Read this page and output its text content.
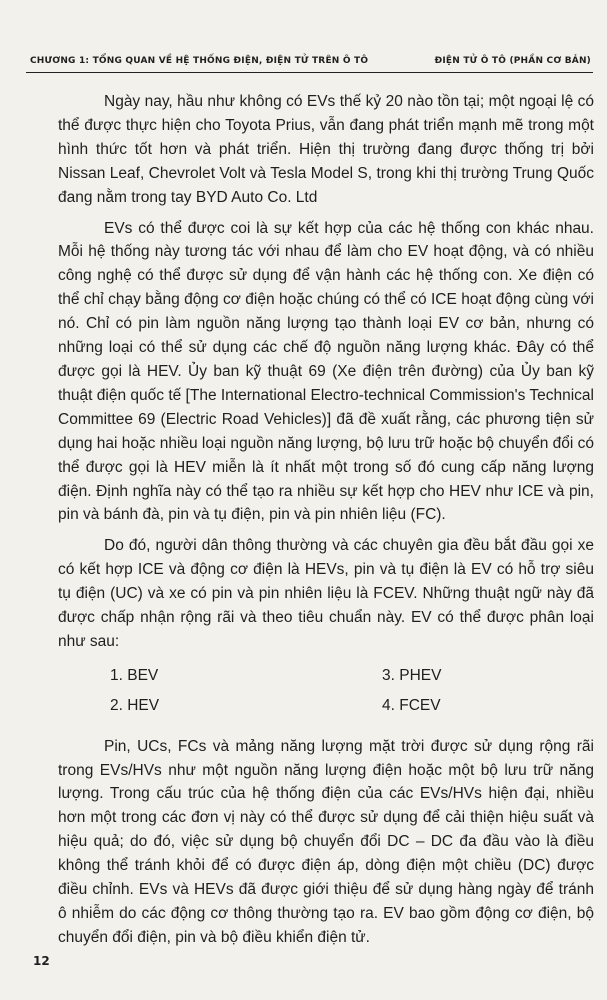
CHƯƠNG 1: TỔNG QUAN VỀ HỆ THỐNG ĐIỆN, ĐIỆN TỬ TRÊN Ô TÔ	ĐIỆN TỬ Ô TÔ (PHẦN CƠ BẢN)

Ngày nay, hầu như không có EVs thế kỷ 20 nào tồn tại; một ngoại lệ có thể được thực hiện cho Toyota Prius, vẫn đang phát triển mạnh mẽ trong một hình thức tốt hơn và phát triển. Hiện thị trường đang được thống trị bởi Nissan Leaf, Chevrolet Volt và Tesla Model S, trong khi thị trường Trung Quốc đang nằm trong tay BYD Auto Co. Ltd

EVs có thể được coi là sự kết hợp của các hệ thống con khác nhau. Mỗi hệ thống này tương tác với nhau để làm cho EV hoạt động, và có nhiều công nghệ có thể được sử dụng để vận hành các hệ thống con. Xe điện có thể chỉ chạy bằng động cơ điện hoặc chúng có thể có ICE hoạt động cùng với nó. Chỉ có pin làm nguồn năng lượng tạo thành loại EV cơ bản, nhưng có những loại có thể sử dụng các chế độ nguồn năng lượng khác. Đây có thể được gọi là HEV. Ủy ban kỹ thuật 69 (Xe điện trên đường) của Ủy ban kỹ thuật điện quốc tế [The International Electro-technical Commission's Technical Committee 69 (Electric Road Vehicles)] đã đề xuất rằng, các phương tiện sử dụng hai hoặc nhiều loại nguồn năng lượng, bộ lưu trữ hoặc bộ chuyển đổi có thể được gọi là HEV miễn là ít nhất một trong số đó cung cấp năng lượng điện. Định nghĩa này có thể tạo ra nhiều sự kết hợp cho HEV như ICE và pin, pin và bánh đà, pin và tụ điện, pin và pin nhiên liệu (FC).

Do đó, người dân thông thường và các chuyên gia đều bắt đầu gọi xe có kết hợp ICE và động cơ điện là HEVs, pin và tụ điện là EV có hỗ trợ siêu tụ điện (UC) và xe có pin và pin nhiên liệu là FCEV. Những thuật ngữ này đã được chấp nhận rộng rãi và theo tiêu chuẩn này. EV có thể được phân loại như sau:

1. BEV	3. PHEV
2. HEV	4. FCEV

Pin, UCs, FCs và mảng năng lượng mặt trời được sử dụng rộng rãi trong EVs/HVs như một nguồn năng lượng điện hoặc một bộ lưu trữ năng lượng. Trong cấu trúc của hệ thống điện của các EVs/HVs hiện đại, nhiều hơn một trong các đơn vị này có thể được sử dụng để cải thiện hiệu suất và hiệu quả; do đó, việc sử dụng bộ chuyển đổi DC – DC đa đầu vào là điều không thể tránh khỏi để có được điện áp, dòng điện một chiều (DC) được điều chỉnh. EVs và HEVs đã được giới thiệu để sử dụng hàng ngày để tránh ô nhiễm do các động cơ thông thường tạo ra. EV bao gồm động cơ điện, bộ chuyển đổi điện, pin và bộ điều khiển điện tử.

12
